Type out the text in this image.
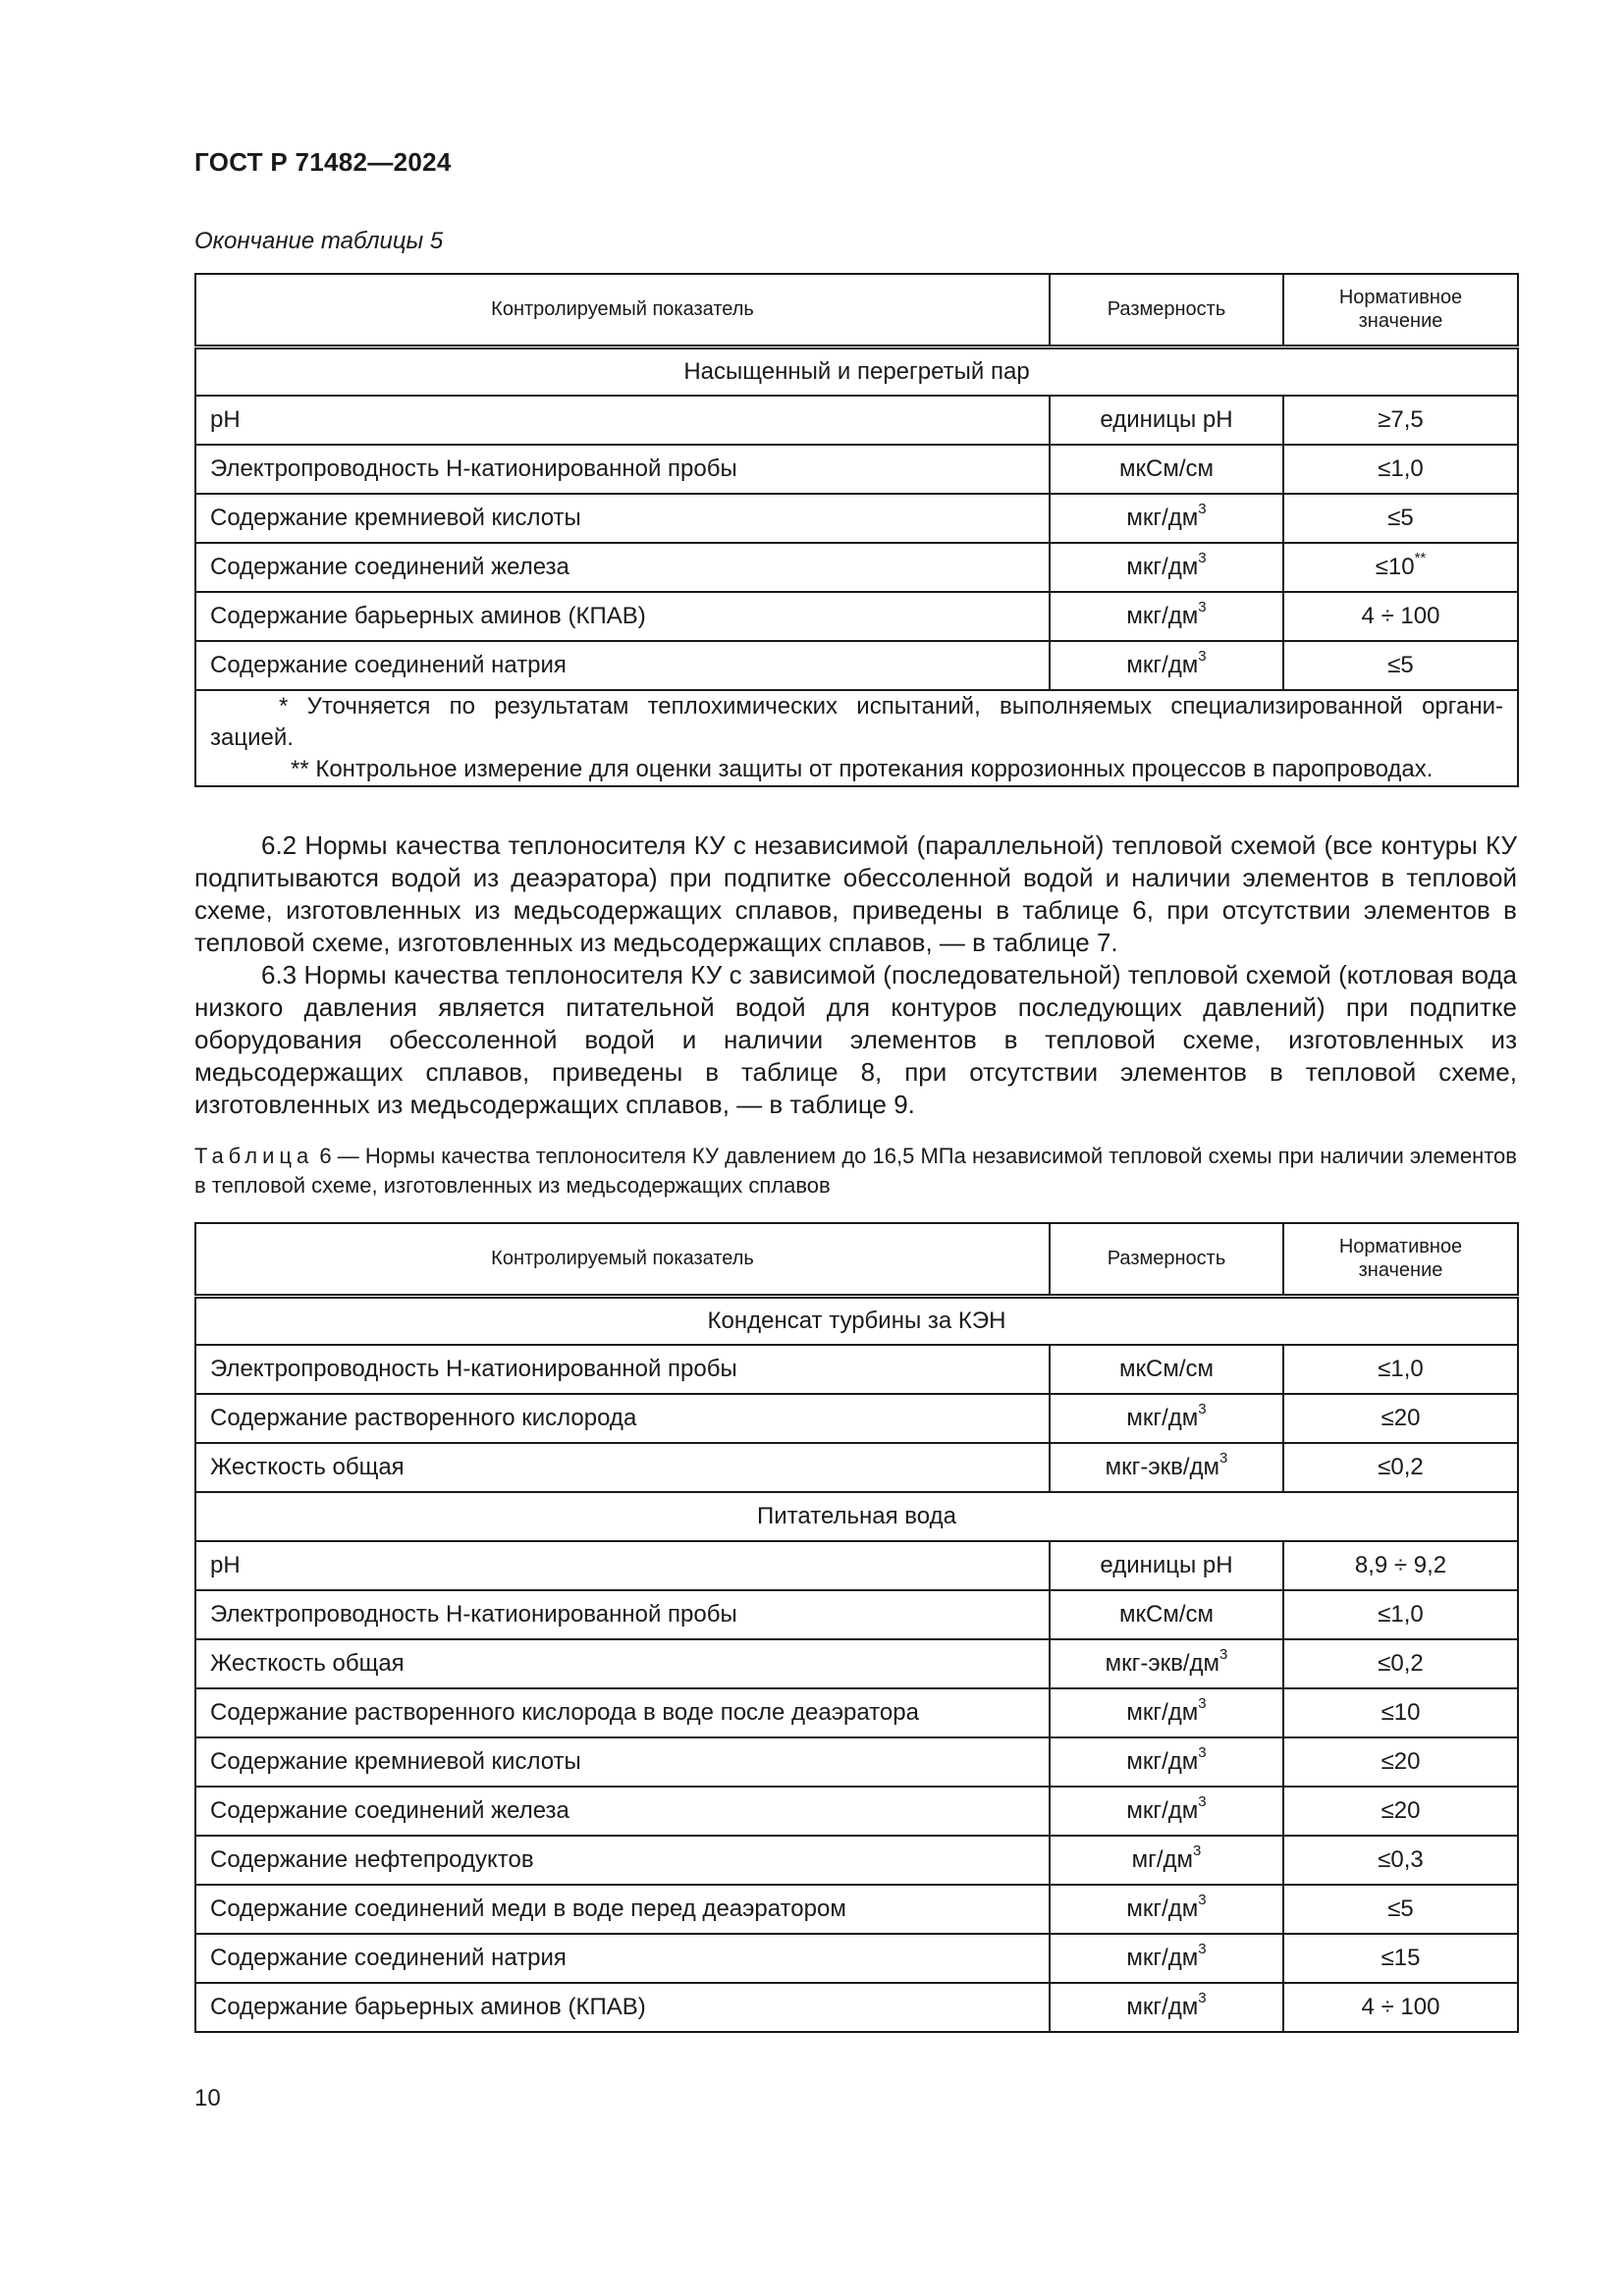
ГОСТ Р 71482—2024
Окончание таблицы 5
Контролируемый показатель	Размерность	Нормативное значение
Насыщенный и перегретый пар		
pH	единицы pH	≥7,5
Электропроводность H-катионированной пробы	мкСм/см	≤1,0
Содержание кремниевой кислоты	мкг/$дм^3$	≤5
Содержание соединений железа	мкг/$дм^3$	≤10**
Содержание барьерных аминов (КПАВ)	мкг/$дм^3$	4 ÷ 100
Содержание соединений натрия	мкг/$дм^3$	≤5

* Уточняется по результатам теплохимических испытаний, выполняемых специализированной органи-
зацией.
** Контрольное измерение для оценки защиты от протекания коррозионных процессов в паропроводах.		

6.2 Нормы качества теплоносителя КУ с независимой (параллельной) тепловой схемой (все контуры КУ подпитываются водой из деаэратора) при подпитке обессоленной водой и наличии элементов в тепловой схеме, изготовленных из медьсодержащих сплавов, приведены в таблице 6, при отсутствии элементов в тепловой схеме, изготовленных из медьсодержащих сплавов, — в таблице 7.

6.3 Нормы качества теплоносителя КУ с зависимой (последовательной) тепловой схемой (котловая вода низкого давления является питательной водой для контуров последующих давлений) при подпитке оборудования обессоленной водой и наличии элементов в тепловой схеме, изготовленных из медьсодержащих сплавов, приведены в таблице 8, при отсутствии элементов в тепловой схеме, изготовленных из медьсодержащих сплавов, — в таблице 9.

Таблица 6 — Нормы качества теплоносителя КУ давлением до 16,5 МПа независимой тепловой схемы при наличии элементов в тепловой схеме, изготовленных из медьсодержащих сплавов
Контролируемый показатель	Размерность	Нормативное значение
Конденсат турбины за КЭН		
Электропроводность H-катионированной пробы	мкСм/см	≤1,0
Содержание растворенного кислорода	мкг/$дм^3$	≤20
Жесткость общая	мкг-$экв/дм^3$	≤0,2
Питательная вода		
pH	единицы pH	8,9 ÷ 9,2
Электропроводность H-катионированной пробы	мкСм/см	≤1,0
Жесткость общая	мкг-$экв/дм^3$	≤0,2
Содержание растворенного кислорода в воде после деаэратора	мкг/$дм^3$	≤10
Содержание кремниевой кислоты	мкг/$дм^3$	≤20
Содержание соединений железа	мкг/$дм^3$	≤20
Содержание нефтепродуктов	$мг/дм^3$	≤0,3
Содержание соединений меди в воде перед деаэратором	мкг/$дм^3$	≤5
Содержание соединений натрия	мкг/$дм^3$	≤15
Содержание барьерных аминов (КПАВ)	мкг/$дм^3$	4 ÷ 100
10
